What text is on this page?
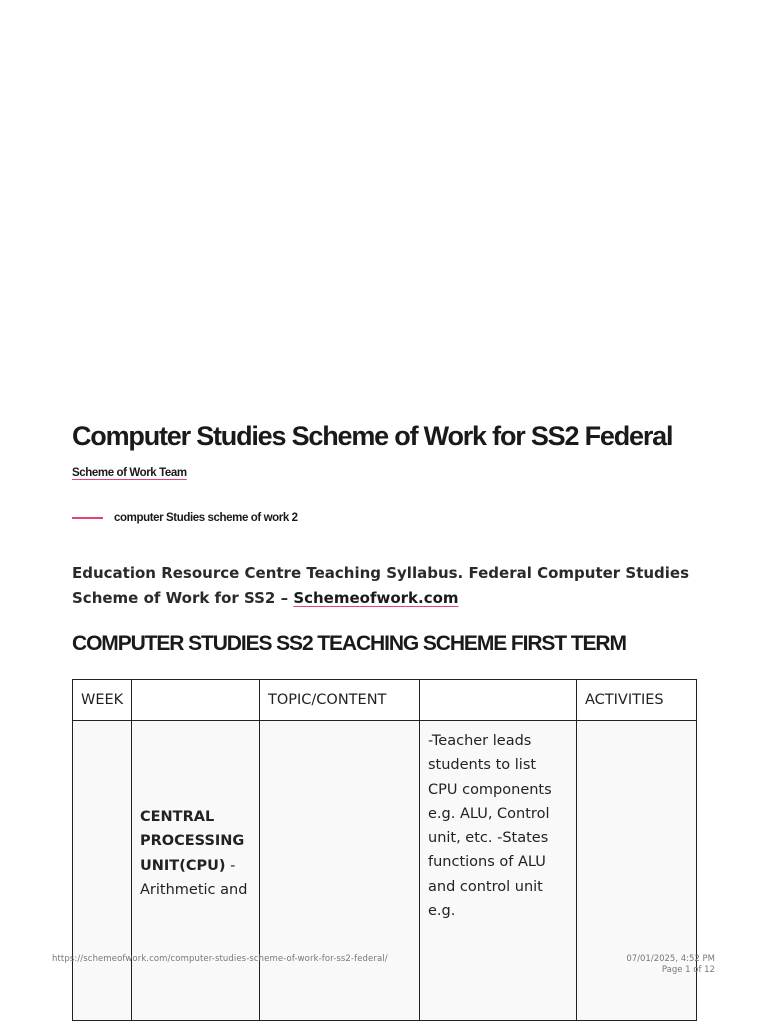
Computer Studies Scheme of Work for SS2 Federal
Scheme of Work Team
computer Studies scheme of work 2

Education Resource Centre Teaching Syllabus. Federal Computer Studies Scheme of Work for SS2 – Schemeofwork.com

COMPUTER STUDIES SS2 TEACHING SCHEME FIRST TERM
WEEK		TOPIC/CONTENT		ACTIVITIES
	CENTRAL PROCESSING UNIT(CPU) - Arithmetic and		-Teacher leads students to list CPU components e.g. ALU, Control unit, etc. -States functions of ALU and control unit e.g.	
https://schemeofwork.com/computer-studies-scheme-of-work-for-ss2-federal/	07/01/2025, 4:52 PM
Page 1 of 12
